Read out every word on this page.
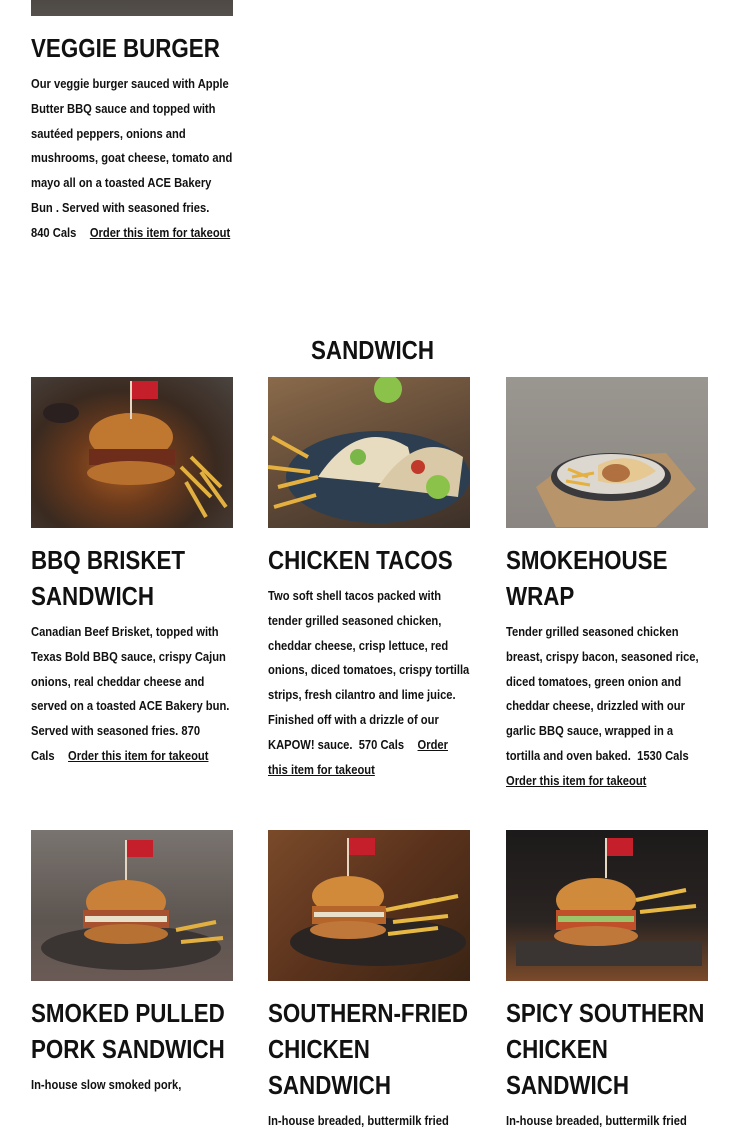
VEGGIE BURGER

Our veggie burger sauced with Apple Butter BBQ sauce and topped with sautéed peppers, onions and mushrooms, goat cheese, tomato and mayo all on a toasted ACE Bakery Bun . Served with seasoned fries.  840 Cals Order this item for takeout

SANDWICH
BBQ BRISKET SANDWICH

Canadian Beef Brisket, topped with Texas Bold BBQ sauce, crispy Cajun onions, real cheddar cheese and served on a toasted ACE Bakery bun. Served with seasoned fries. 870 Cals Order this item for takeout

CHICKEN TACOS

Two soft shell tacos packed with tender grilled seasoned chicken, cheddar cheese, crisp lettuce, red onions, diced tomatoes, crispy tortilla strips, fresh cilantro and lime juice. Finished off with a drizzle of our KAPOW! sauce. 570 Cals Order this item for takeout

SMOKEHOUSE WRAP

Tender grilled seasoned chicken breast, crispy bacon, seasoned rice, diced tomatoes, green onion and cheddar cheese, drizzled with our garlic BBQ sauce, wrapped in a tortilla and oven baked. 1530 Cals Order this item for takeout

SMOKED PULLED PORK SANDWICH

In-house slow smoked pork,

SOUTHERN-FRIED CHICKEN SANDWICH

In-house breaded, buttermilk fried

SPICY SOUTHERN CHICKEN SANDWICH

In-house breaded, buttermilk fried
